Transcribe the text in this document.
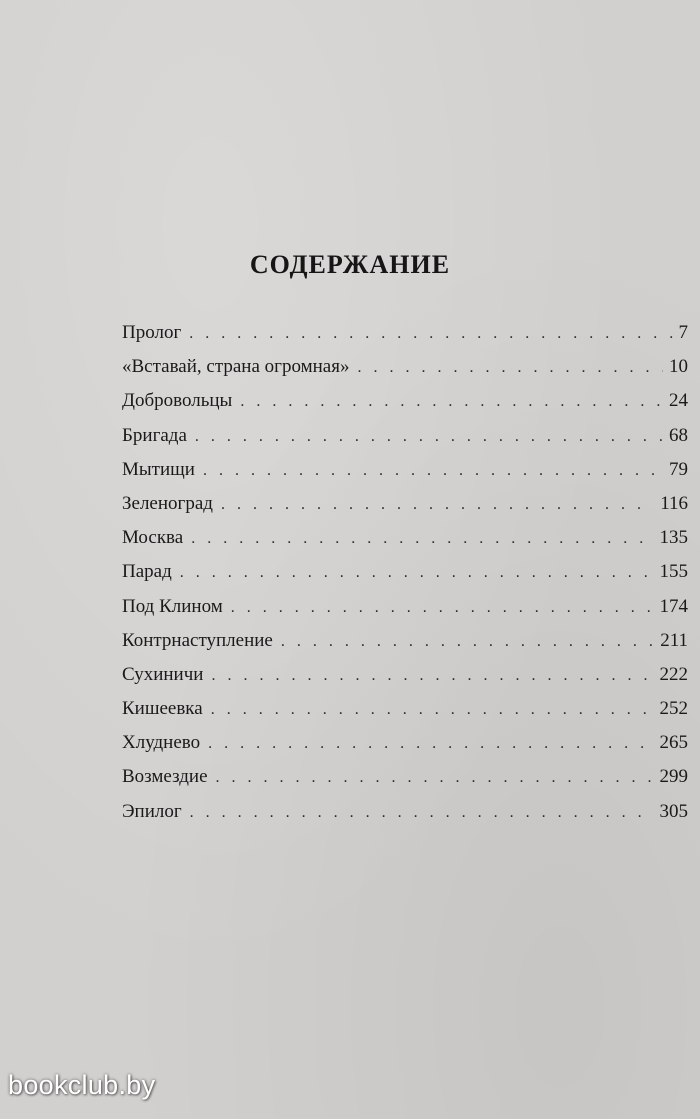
СОДЕРЖАНИЕ
Пролог . . .	7
«Вставай, страна огромная» . . .	10
Добровольцы . . .	24
Бригада . . .	68
Мытищи . . .	79
Зеленоград . . .	116
Москва . . .	135
Парад . . .	155
Под Клином . . .	174
Контрнаступление . . .	211
Сухиничи . . .	222
Кишеевка . . .	252
Хлуднево . . .	265
Возмездие . . .	299
Эпилог . . .	305
bookclub.by
